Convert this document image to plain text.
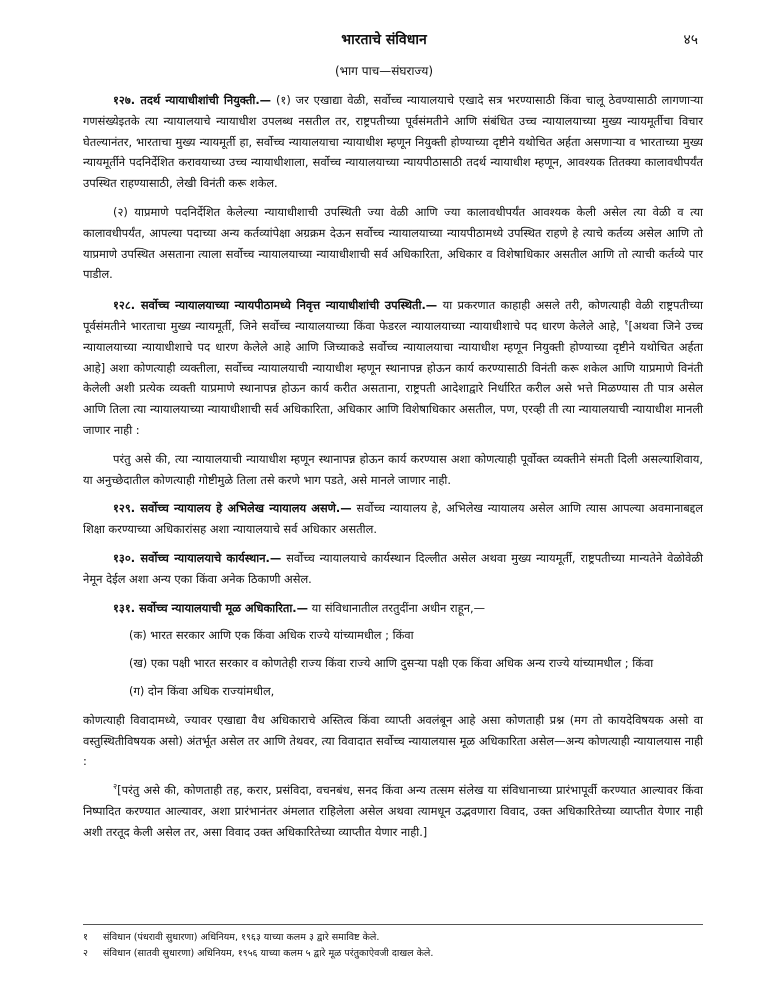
भारताचे संविधान	४५
(भाग पाच—संघराज्य)

१२७. तदर्थ न्यायाधीशांची नियुक्ती.— (१) जर एखाद्या वेळी, सर्वोच्च न्यायालयाचे एखादे सत्र भरण्यासाठी किंवा चालू ठेवण्यासाठी लागणाऱ्या गणसंख्येइतके त्या न्यायालयाचे न्यायाधीश उपलब्ध नसतील तर, राष्ट्रपतीच्या पूर्वसंमतीने आणि संबंधित उच्च न्यायालयाच्या मुख्य न्यायमूर्तीचा विचार घेतल्यानंतर, भारताचा मुख्य न्यायमूर्ती हा, सर्वोच्च न्यायालयाचा न्यायाधीश म्हणून नियुक्ती होण्याच्या दृष्टीने यथोचित अर्हता असणाऱ्या व भारताच्या मुख्य न्यायमूर्तीने पदनिर्देशित करावयाच्या उच्च न्यायाधीशाला, सर्वोच्च न्यायालयाच्या न्यायपीठासाठी तदर्थ न्यायाधीश म्हणून, आवश्यक तितक्या कालावधीपर्यंत उपस्थित राहण्यासाठी, लेखी विनंती करू शकेल.

(२) याप्रमाणे पदनिर्देशित केलेल्या न्यायाधीशाची उपस्थिती ज्या वेळी आणि ज्या कालावधीपर्यंत आवश्यक केली असेल त्या वेळी व त्या कालावधीपर्यंत, आपल्या पदाच्या अन्य कर्तव्यांपेक्षा अग्रक्रम देऊन सर्वोच्च न्यायालयाच्या न्यायपीठामध्ये उपस्थित राहणे हे त्याचे कर्तव्य असेल आणि तो याप्रमाणे उपस्थित असताना त्याला सर्वोच्च न्यायालयाच्या न्यायाधीशाची सर्व अधिकारिता, अधिकार व विशेषाधिकार असतील आणि तो त्याची कर्तव्ये पार पाडील.

१२८. सर्वोच्च न्यायालयाच्या न्यायपीठामध्ये निवृत्त न्यायाधीशांची उपस्थिती.— या प्रकरणात काहाही असले तरी, कोणत्याही वेळी राष्ट्रपतीच्या पूर्वसंमतीने भारताचा मुख्य न्यायमूर्ती, जिने सर्वोच्च न्यायालयाच्या किंवा फेडरल न्यायालयाच्या न्यायाधीशाचे पद धारण केलेले आहे, $^१$[अथवा जिने उच्च न्यायालयाच्या न्यायाधीशाचे पद धारण केलेले आहे आणि जिच्याकडे सर्वोच्च न्यायालयाचा न्यायाधीश म्हणून नियुक्ती होण्याच्या दृष्टीने यथोचित अर्हता आहे] अशा कोणत्याही व्यक्तीला, सर्वोच्च न्यायालयाची न्यायाधीश म्हणून स्थानापन्न होऊन कार्य करण्यासाठी विनंती करू शकेल आणि याप्रमाणे विनंती केलेली अशी प्रत्येक व्यक्ती याप्रमाणे स्थानापन्न होऊन कार्य करीत असताना, राष्ट्रपती आदेशाद्वारे निर्धारित करील असे भत्ते मिळण्यास ती पात्र असेल आणि तिला त्या न्यायालयाच्या न्यायाधीशाची सर्व अधिकारिता, अधिकार आणि विशेषाधिकार असतील, पण, एरव्ही ती त्या न्यायालयाची न्यायाधीश मानली जाणार नाही :

परंतु असे की, त्या न्यायालयाची न्यायाधीश म्हणून स्थानापन्न होऊन कार्य करण्यास अशा कोणत्याही पूर्वोक्त व्यक्तीने संमती दिली असल्याशिवाय, या अनुच्छेदातील कोणत्याही गोष्टीमुळे तिला तसे करणे भाग पडते, असे मानले जाणार नाही.

१२९. सर्वोच्च न्यायालय हे अभिलेख न्यायालय असणे.— सर्वोच्च न्यायालय हे, अभिलेख न्यायालय असेल आणि त्यास आपल्या अवमानाबद्दल शिक्षा करण्याच्या अधिकारांसह अशा न्यायालयाचे सर्व अधिकार असतील.

१३०. सर्वोच्च न्यायालयाचे कार्यस्थान.— सर्वोच्च न्यायालयाचे कार्यस्थान दिल्लीत असेल अथवा मुख्य न्यायमूर्ती, राष्ट्रपतीच्या मान्यतेने वेळोवेळी नेमून देईल अशा अन्य एका किंवा अनेक ठिकाणी असेल.

१३१. सर्वोच्च न्यायालयाची मूळ अधिकारिता.— या संविधानातील तरतुदींना अधीन राहून,—

(क) भारत सरकार आणि एक किंवा अधिक राज्ये यांच्यामधील ; किंवा

(ख) एका पक्षी भारत सरकार व कोणतेही राज्य किंवा राज्ये आणि दुसऱ्या पक्षी एक किंवा अधिक अन्य राज्ये यांच्यामधील ; किंवा

(ग) दोन किंवा अधिक राज्यांमधील,

कोणत्याही विवादामध्ये, ज्यावर एखाद्या वैध अधिकाराचे अस्तित्व किंवा व्याप्ती अवलंबून आहे असा कोणताही प्रश्न (मग तो कायदेविषयक असो वा वस्तुस्थितीविषयक असो) अंतर्भूत असेल तर आणि तेथवर, त्या विवादात सर्वोच्च न्यायालयास मूळ अधिकारिता असेल—अन्य कोणत्याही न्यायालयास नाही :

$^२$[परंतु असे की, कोणताही तह, करार, प्रसंविदा, वचनबंध, सनद किंवा अन्य तत्सम संलेख या संविधानाच्या प्रारंभापूर्वी करण्यात आल्यावर किंवा निष्पादित करण्यात आल्यावर, अशा प्रारंभानंतर अंमलात राहिलेला असेल अथवा त्यामधून उद्भवणारा विवाद, उक्त अधिकारितेच्या व्याप्तीत येणार नाही अशी तरतूद केली असेल तर, असा विवाद उक्त अधिकारितेच्या व्याप्तीत येणार नाही.]

१ संविधान (पंधरावी सुधारणा) अधिनियम, १९६३ याच्या कलम ३ द्वारे समाविष्ट केले.
२ संविधान (सातवी सुधारणा) अधिनियम, १९५६ याच्या कलम ५ द्वारे मूळ परंतुकाऐवजी दाखल केले.
